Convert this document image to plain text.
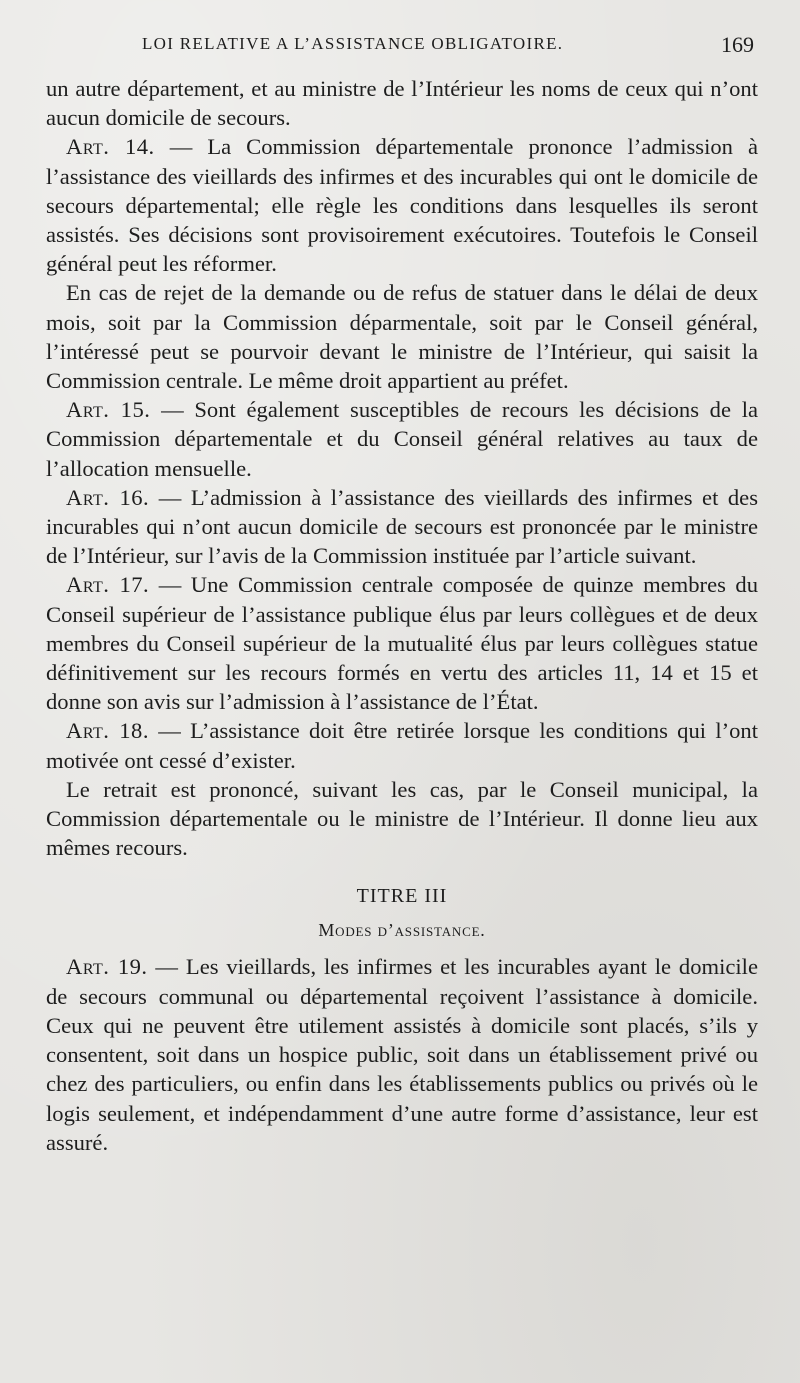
LOI RELATIVE A L’ASSISTANCE OBLIGATOIRE.	169

un autre département, et au ministre de l’Intérieur les noms de ceux qui n’ont aucun domicile de secours.

Art. 14. — La Commission départementale prononce l’admission à l’assistance des vieillards des infirmes et des incurables qui ont le domicile de secours départemental; elle règle les conditions dans lesquelles ils seront assistés. Ses décisions sont provisoirement exécutoires. Toutefois le Conseil général peut les réformer.

En cas de rejet de la demande ou de refus de statuer dans le délai de deux mois, soit par la Commission déparmentale, soit par le Conseil général, l’intéressé peut se pourvoir devant le ministre de l’Intérieur, qui saisit la Commission centrale. Le même droit appartient au préfet.

Art. 15. — Sont également susceptibles de recours les décisions de la Commission départementale et du Conseil général relatives au taux de l’allocation mensuelle.

Art. 16. — L’admission à l’assistance des vieillards des infirmes et des incurables qui n’ont aucun domicile de secours est prononcée par le ministre de l’Intérieur, sur l’avis de la Commission instituée par l’article suivant.

Art. 17. — Une Commission centrale composée de quinze membres du Conseil supérieur de l’assistance publique élus par leurs collègues et de deux membres du Conseil supérieur de la mutualité élus par leurs collègues statue définitivement sur les recours formés en vertu des articles 11, 14 et 15 et donne son avis sur l’admission à l’assistance de l’État.

Art. 18. — L’assistance doit être retirée lorsque les conditions qui l’ont motivée ont cessé d’exister.

Le retrait est prononcé, suivant les cas, par le Conseil municipal, la Commission départementale ou le ministre de l’Intérieur. Il donne lieu aux mêmes recours.

TITRE III
Modes d’assistance.

Art. 19. — Les vieillards, les infirmes et les incurables ayant le domicile de secours communal ou départemental reçoivent l’assistance à domicile. Ceux qui ne peuvent être utilement assistés à domicile sont placés, s’ils y consentent, soit dans un hospice public, soit dans un établissement privé ou chez des particuliers, ou enfin dans les établissements publics ou privés où le logis seulement, et indépendamment d’une autre forme d’assistance, leur est assuré.
